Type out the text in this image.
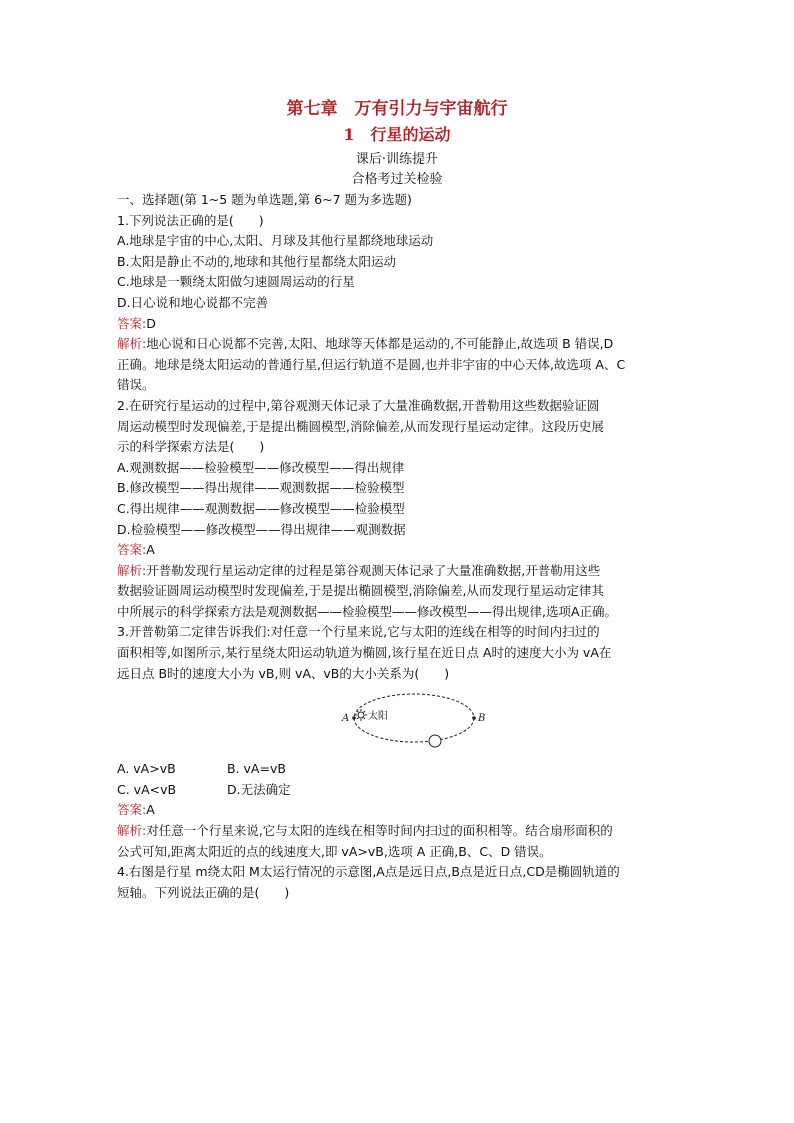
第七章　万有引力与宇宙航行
1　行星的运动
课后·训练提升
合格考过关检验
一、选择题(第 1~5 题为单选题,第 6~7 题为多选题)
1.下列说法正确的是(　　)
A.地球是宇宙的中心,太阳、月球及其他行星都绕地球运动
B.太阳是静止不动的,地球和其他行星都绕太阳运动
C.地球是一颗绕太阳做匀速圆周运动的行星
D.日心说和地心说都不完善
答案:D
解析:地心说和日心说都不完善,太阳、地球等天体都是运动的,不可能静止,故选项 B 错误,D
正确。地球是绕太阳运动的普通行星,但运行轨道不是圆,也并非宇宙的中心天体,故选项 A、C
错误。
2.在研究行星运动的过程中,第谷观测天体记录了大量准确数据,开普勒用这些数据验证圆
周运动模型时发现偏差,于是提出椭圆模型,消除偏差,从而发现行星运动定律。这段历史展
示的科学探索方法是(　　)
A.观测数据——检验模型——修改模型——得出规律
B.修改模型——得出规律——观测数据——检验模型
C.得出规律——观测数据——修改模型——检验模型
D.检验模型——修改模型——得出规律——观测数据
答案:A
解析:开普勒发现行星运动定律的过程是第谷观测天体记录了大量准确数据,开普勒用这些
数据验证圆周运动模型时发现偏差,于是提出椭圆模型,消除偏差,从而发现行星运动定律其
中所展示的科学探索方法是观测数据——检验模型——修改模型——得出规律,选项A正确。
3.开普勒第二定律告诉我们:对任意一个行星来说,它与太阳的连线在相等的时间内扫过的
面积相等,如图所示,某行星绕太阳运动轨道为椭圆,该行星在近日点 A时的速度大小为 vA在
远日点 B时的速度大小为 vB,则 vA、vB的大小关系为(　　)
太阳
A	B
A. vA>vB	B. vA=vB
C. vA<vB	D.无法确定
答案:A
解析:对任意一个行星来说,它与太阳的连线在相等时间内扫过的面积相等。结合扇形面积的
公式可知,距离太阳近的点的线速度大,即 vA>vB,选项 A 正确,B、C、D 错误。
4.右图是行星 m绕太阳 M太运行情况的示意图,A点是远日点,B点是近日点,CD是椭圆轨道的
短轴。下列说法正确的是(　　)
